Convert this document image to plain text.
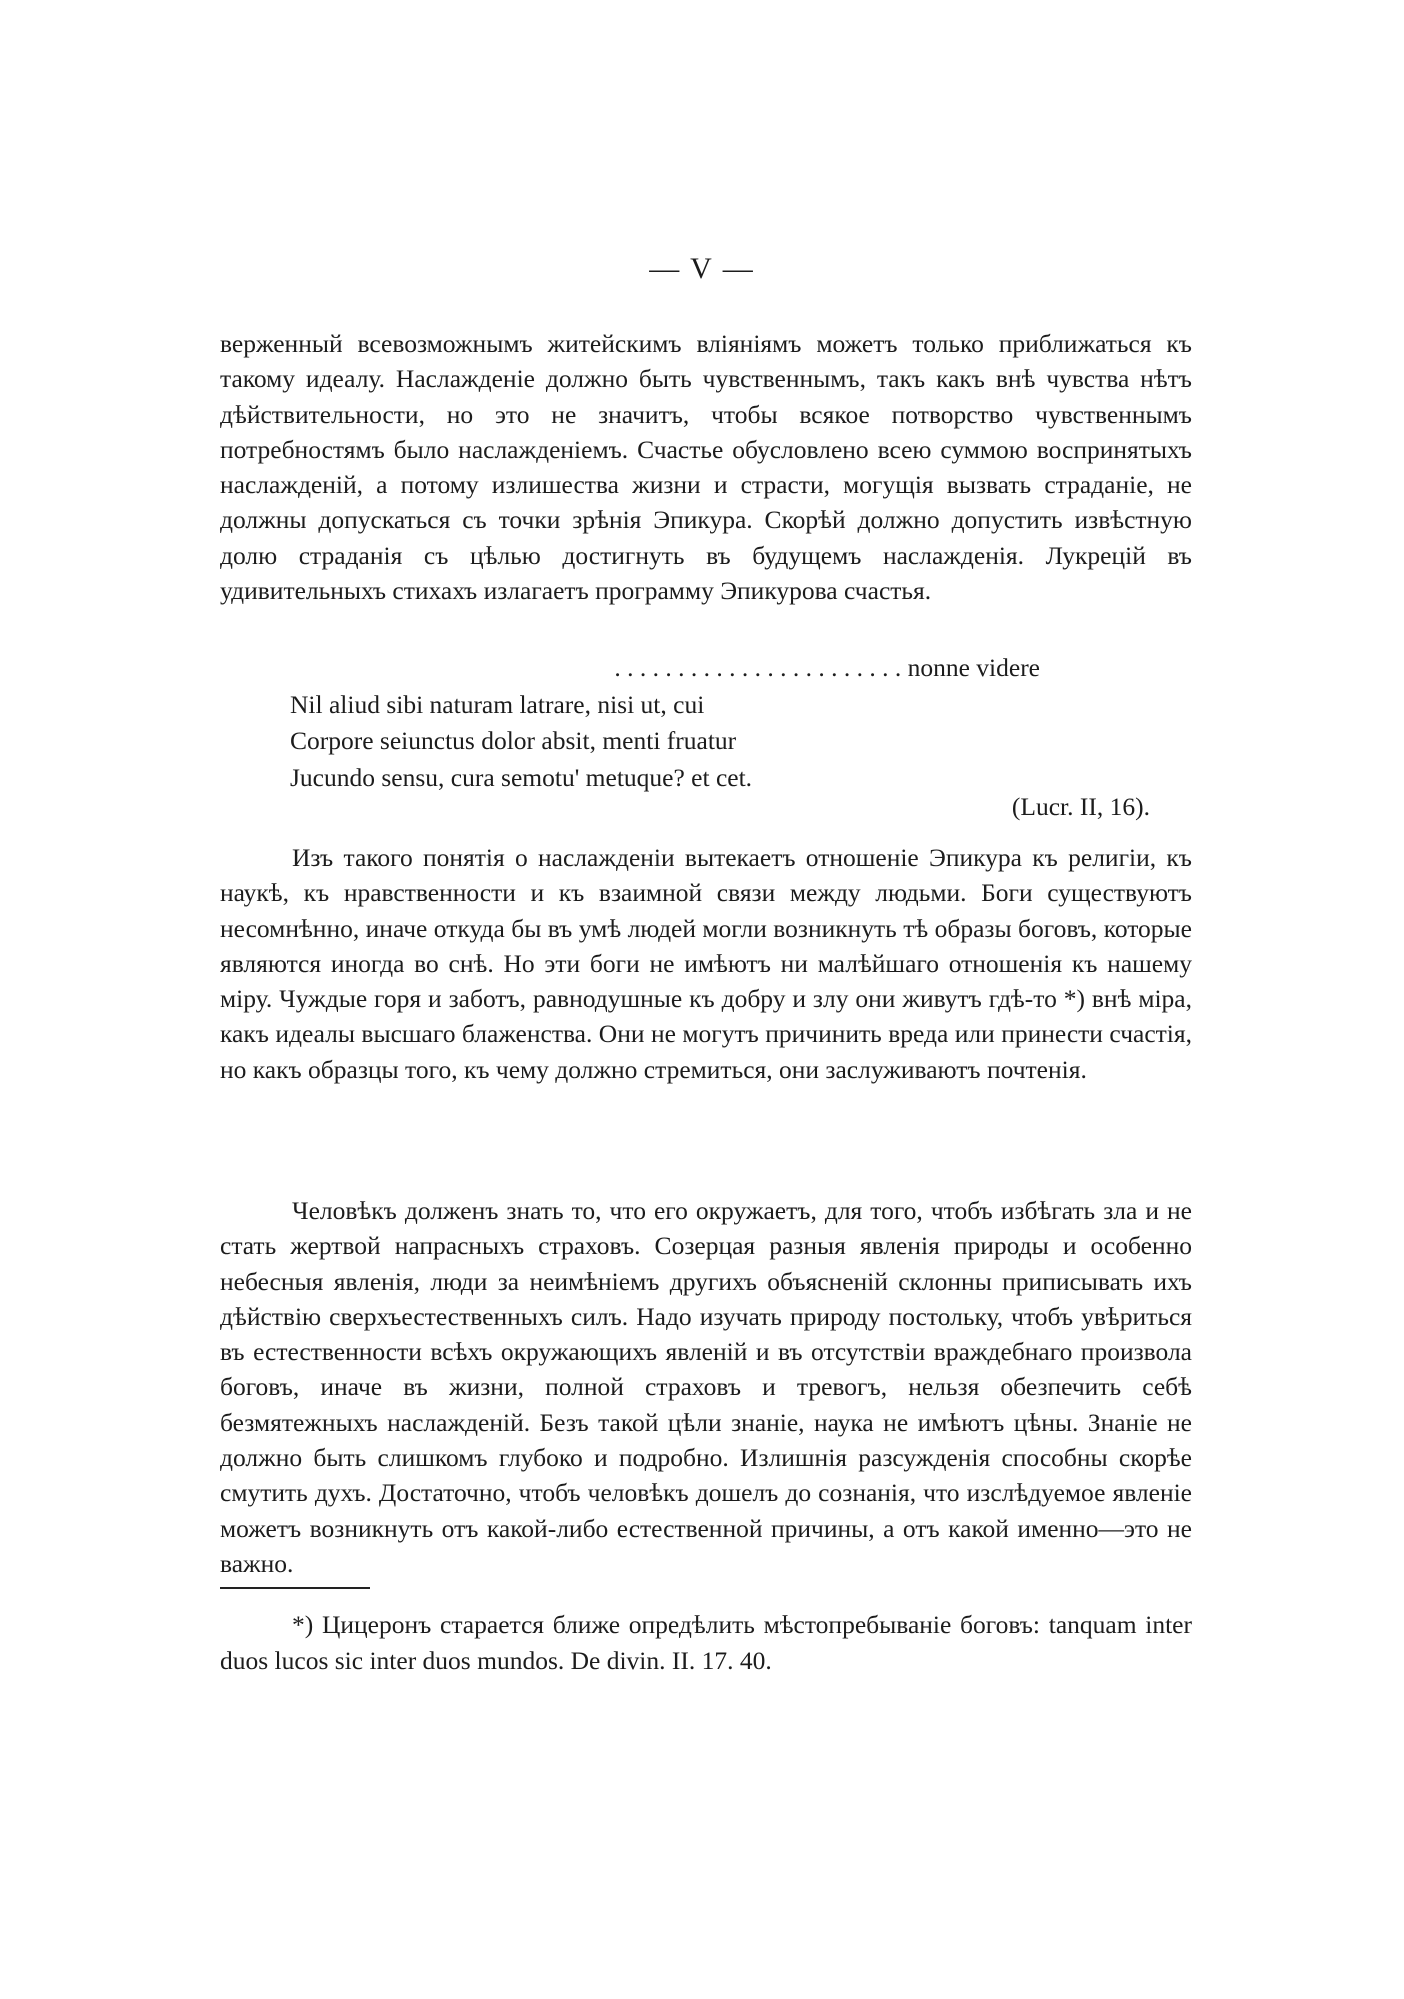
— V —

верженный всевозможнымъ житейскимъ вліяніямъ можетъ только приближаться къ такому идеалу. Наслажденіе должно быть чувственнымъ, такъ какъ внѣ чувства нѣтъ дѣйствительности, но это не значитъ, чтобы всякое потворство чувственнымъ потребностямъ было наслажденіемъ. Счастье обусловлено всею суммою воспринятыхъ наслажденій, а потому излишества жизни и страсти, могущія вызвать страданіе, не должны допускаться съ точки зрѣнія Эпикура. Скорѣй должно допустить извѣстную долю страданія съ цѣлью достигнуть въ будущемъ наслажденія. Лукрецій въ удивительныхъ стихахъ излагаетъ программу Эпикурова счастья.

. . . . . . . . . . . . . . . . . . . . . . . nonne videre
Nil aliud sibi naturam latrare, nisi ut, cui
Corpore seiunctus dolor absit, menti fruatur
Jucundo sensu, cura semotu' metuque? et cet.
(Lucr. II, 16).

Изъ такого понятія о наслажденіи вытекаетъ отношеніе Эпикура къ религіи, къ наукѣ, къ нравственности и къ взаимной связи между людьми. Боги существуютъ несомнѣнно, иначе откуда бы въ умѣ людей могли возникнуть тѣ образы боговъ, которые являются иногда во снѣ. Но эти боги не имѣютъ ни малѣйшаго отношенія къ нашему міру. Чуждые горя и заботъ, равнодушные къ добру и злу они живутъ гдѣ-то *) внѣ міра, какъ идеалы высшаго блаженства. Они не могутъ причинить вреда или принести счастія, но какъ образцы того, къ чему должно стремиться, они заслуживаютъ почтенія.

Человѣкъ долженъ знать то, что его окружаетъ, для того, чтобъ избѣгать зла и не стать жертвой напрасныхъ страховъ. Созерцая разныя явленія природы и особенно небесныя явленія, люди за неимѣніемъ другихъ объясненій склонны приписывать ихъ дѣйствію сверхъестественныхъ силъ. Надо изучать природу постольку, чтобъ увѣриться въ естественности всѣхъ окружающихъ явленій и въ отсутствіи враждебнаго произвола боговъ, иначе въ жизни, полной страховъ и тревогъ, нельзя обезпечить себѣ безмятежныхъ наслажденій. Безъ такой цѣли знаніе, наука не имѣютъ цѣны. Знаніе не должно быть слишкомъ глубоко и подробно. Излишнія разсужденія способны скорѣе смутить духъ. Достаточно, чтобъ человѣкъ дошелъ до сознанія, что изслѣдуемое явленіе можетъ возникнуть отъ какой-либо естественной причины, а отъ какой именно—это не важно.

*) Цицеронъ старается ближе опредѣлить мѣстопребываніе боговъ: tanquam inter duos lucos sic inter duos mundos. De divin. II. 17. 40.
